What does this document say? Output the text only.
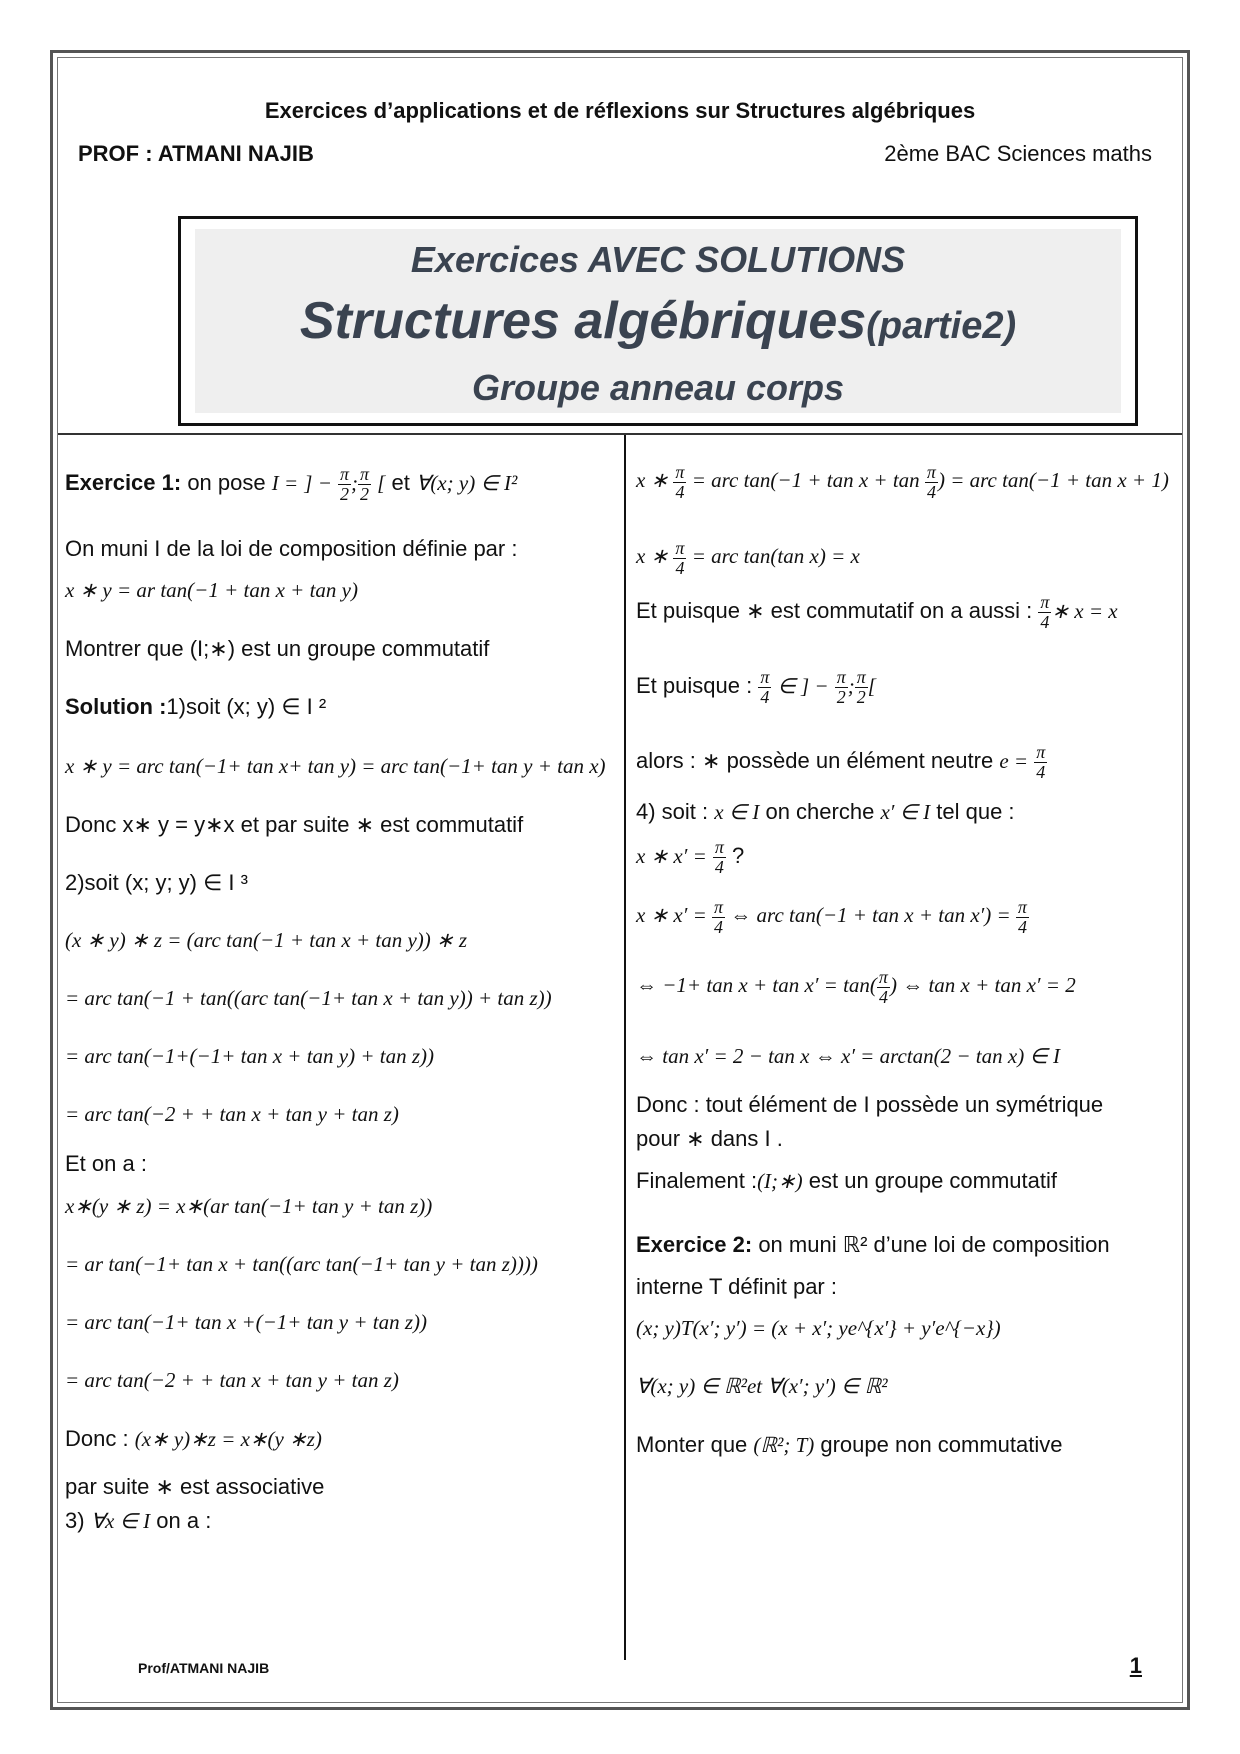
Exercices d’applications et de réflexions sur Structures algébriques
PROF : ATMANI NAJIB	2ème BAC Sciences maths
Exercices AVEC SOLUTIONS
Structures algébriques(partie2)
Groupe anneau corps
Exercice 1: on pose I = ] − $\frac{\pi}{2}$ ; $\frac{\pi}{2}$ [ et ∀(x; y) ∈ I²
On muni I de la loi de composition définie par :
x ∗ y = ar tan(−1 + tan x + tan y)
Montrer que (I;∗) est un groupe commutatif
Solution :1)soit (x; y) ∈ I ²
x ∗ y = arc tan(−1+ tan x+ tan y) = arc tan(−1+ tan y + tan x)
Donc x∗ y = y∗x et par suite ∗ est commutatif
2)soit (x; y; y) ∈ I ³
(x ∗ y) ∗ z = (arc tan(−1 + tan x + tan y)) ∗ z
= arc tan(−1 + tan((arc tan(−1+ tan x + tan y)) + tan z))
= arc tan(−1+(−1+ tan x + tan y) + tan z))
= arc tan(−2 + + tan x + tan y + tan z)
Et on a :
x∗(y ∗ z) = x∗(ar tan(−1+ tan y + tan z))
= ar tan(−1+ tan x + tan((arc tan(−1+ tan y + tan z))))
= arc tan(−1+ tan x +(−1+ tan y + tan z))
= arc tan(−2 + + tan x + tan y + tan z)
Donc : (x∗ y)∗z = x∗(y ∗z)
par suite ∗ est associative
3) ∀x ∈ I on a :
x ∗ $\frac{\pi}{4}$ = arc $\tan(-1 + \tan x + \tan \frac{\pi}{4}$ ) = arc tan(−1 + tan x + 1)
x ∗ $\frac{\pi}{4}$ = arc tan(tan x) = x
Et puisque ∗ est commutatif on a aussi : $\frac{\pi}{4}$ ∗ x = x
Et puisque : $\frac{\pi}{4}$ ∈ ] − $\frac{\pi}{2}$ ; $\frac{\pi}{2}$ [
alors : ∗ possède un élément neutre $e = \frac{\pi}{4}$
4) soit : x ∈ I on cherche x′ ∈ I tel que :
x ∗ $x' = \frac{\pi}{4}$ ?
x ∗ $x' = \frac{\pi}{4}$ ⇔ arc $\tan(-1 + \tan x + \tan x') = \frac{\pi}{4}$
⇔ $-1+ \tan x + \tan x' = \tan( \frac{\pi}{4}$ ) ⇔ tan x + tan x′ = 2
⇔ tan x′ = 2 − tan x ⇔ x′ = arctan(2 − tan x) ∈ I
Donc : tout élément de I possède un symétrique
pour ∗ dans I .
Finalement :(I;∗) est un groupe commutatif
Exercice 2: on muni ℝ² d’une loi de composition
interne T définit par :
(x; y)T(x′; y′) = (x + x′; ye^{x′} + y′e^{−x})
∀(x; y) ∈ ℝ²et ∀(x′; y′) ∈ ℝ²
Monter que (ℝ²; T) groupe non commutative
Prof/ATMANI NAJIB	1
